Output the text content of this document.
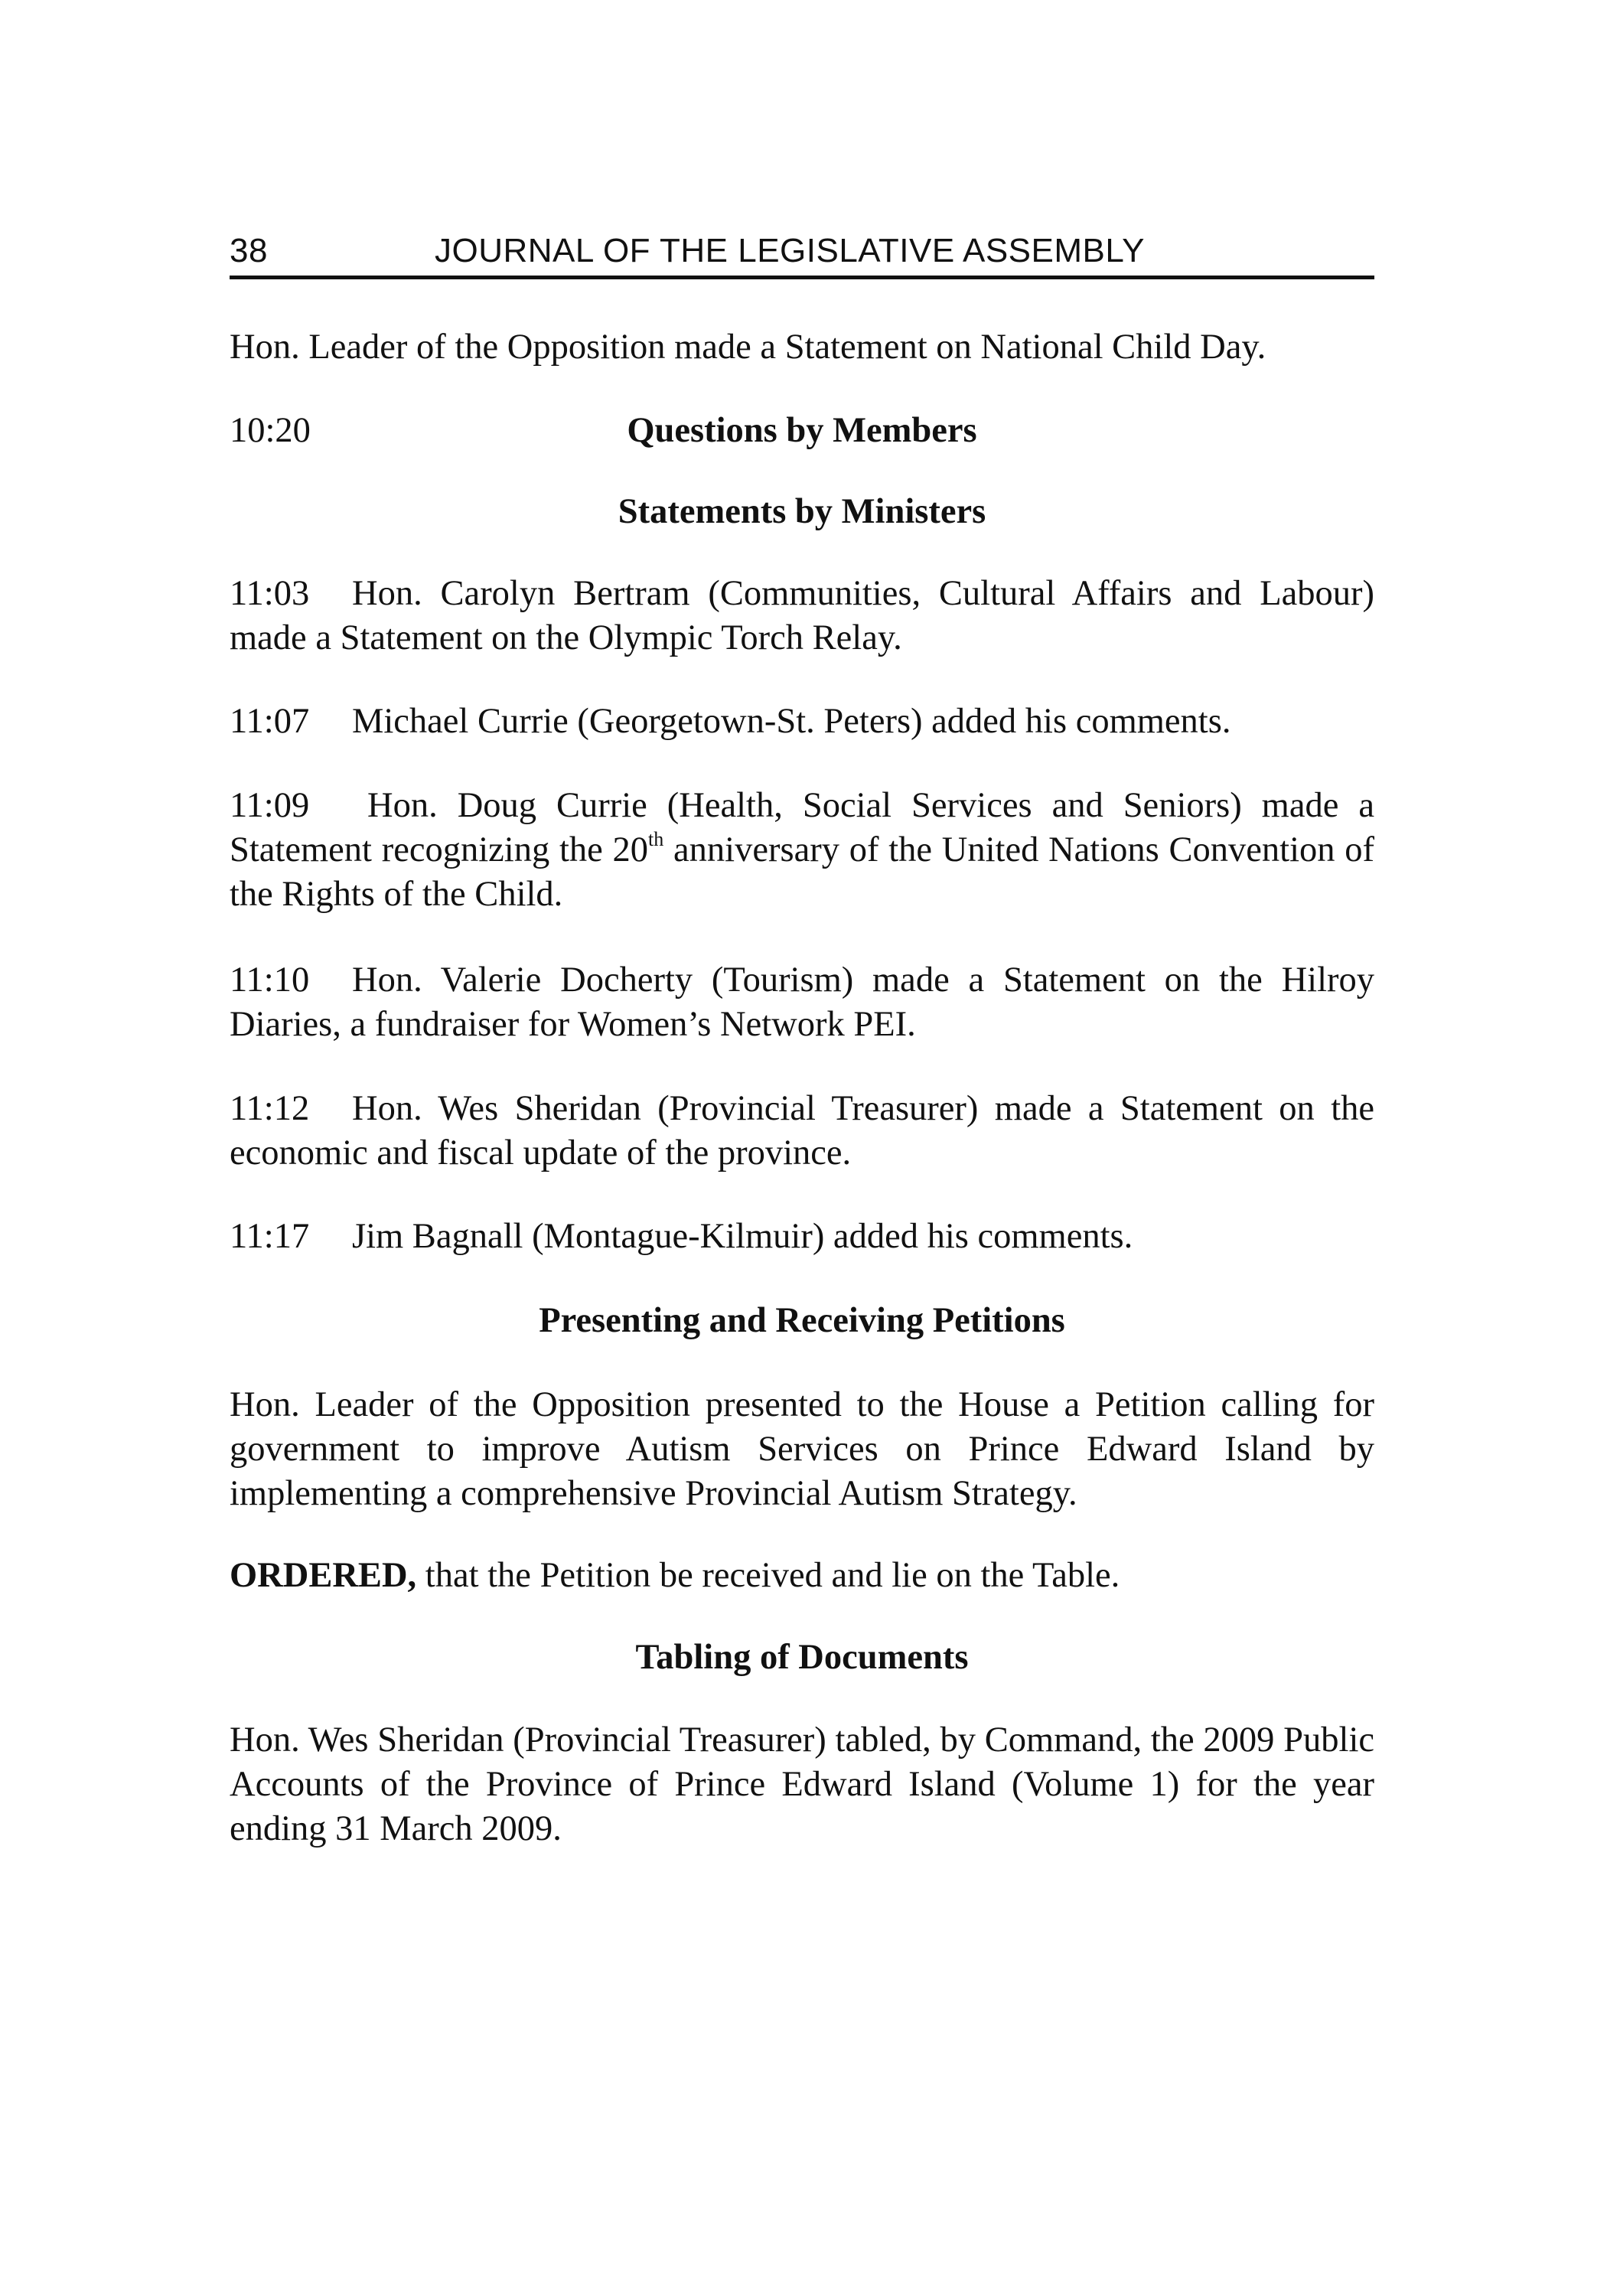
38	JOURNAL OF THE LEGISLATIVE ASSEMBLY

Hon. Leader of the Opposition made a Statement on National Child Day.

10:20	Questions by Members

Statements by Ministers

11:03 Hon. Carolyn Bertram (Communities, Cultural Affairs and Labour) made a Statement on the Olympic Torch Relay.

11:07 Michael Currie (Georgetown-St. Peters) added his comments.

11:09 Hon. Doug Currie (Health, Social Services and Seniors) made a Statement recognizing the 20th anniversary of the United Nations Convention of the Rights of the Child.

11:10 Hon. Valerie Docherty (Tourism) made a Statement on the Hilroy Diaries, a fundraiser for Women’s Network PEI.

11:12 Hon. Wes Sheridan (Provincial Treasurer) made a Statement on the economic and fiscal update of the province.

11:17 Jim Bagnall (Montague-Kilmuir) added his comments.

Presenting and Receiving Petitions

Hon. Leader of the Opposition presented to the House a Petition calling for government to improve Autism Services on Prince Edward Island by implementing a comprehensive Provincial Autism Strategy.

ORDERED, that the Petition be received and lie on the Table.

Tabling of Documents

Hon. Wes Sheridan (Provincial Treasurer) tabled, by Command, the 2009 Public Accounts of the Province of Prince Edward Island (Volume 1) for the year ending 31 March 2009.
